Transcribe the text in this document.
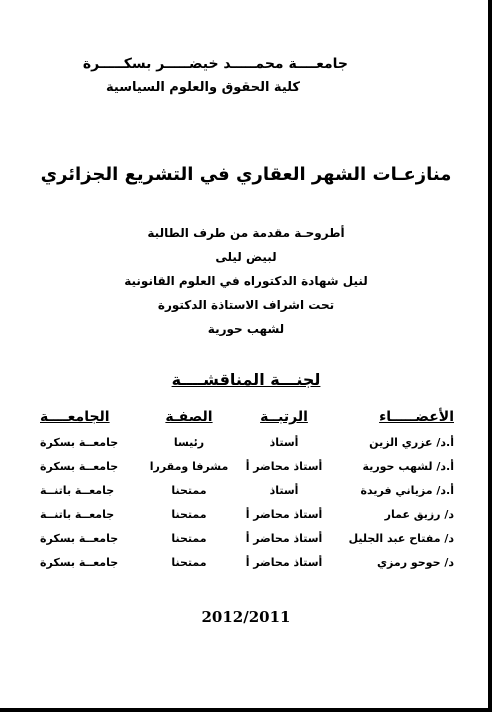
جامعــــة محمـــــد خيضـــــر بسكـــــرة
كلية الحقوق والعلوم السياسية
منازعـات الشهر العقاري في التشريع الجزائري
أطروحـة مقدمة من طرف الطالبة
لبيض ليلى
لنيل شهادة الدكتوراه في العلوم القانونية
تحت اشراف الاستاذة الدكتورة
لشهب حورية
لجنـــة المناقشــــة
الأعضـــــاء	الرتبــة	الصفـة	الجامعــــة
أ.د/ عزري الزين	أستاذ	رئيسا	جامعــة بسكرة
أ.د/ لشهب حورية	أستاذ محاضر أ	مشرفا ومقررا	جامعــة بسكرة
أ.د/ مزياني فريدة	أستاذ	ممتحنا	جامعــة باتنــة
د/ رزيق عمار	أستاذ محاضر أ	ممتحنا	جامعــة باتنــة
د/ مفتاح عبد الجليل	أستاذ محاضر أ	ممتحنا	جامعــة بسكرة
د/ حوحو رمزي	أستاذ محاضر أ	ممتحنا	جامعــة بسكرة
2012/2011
